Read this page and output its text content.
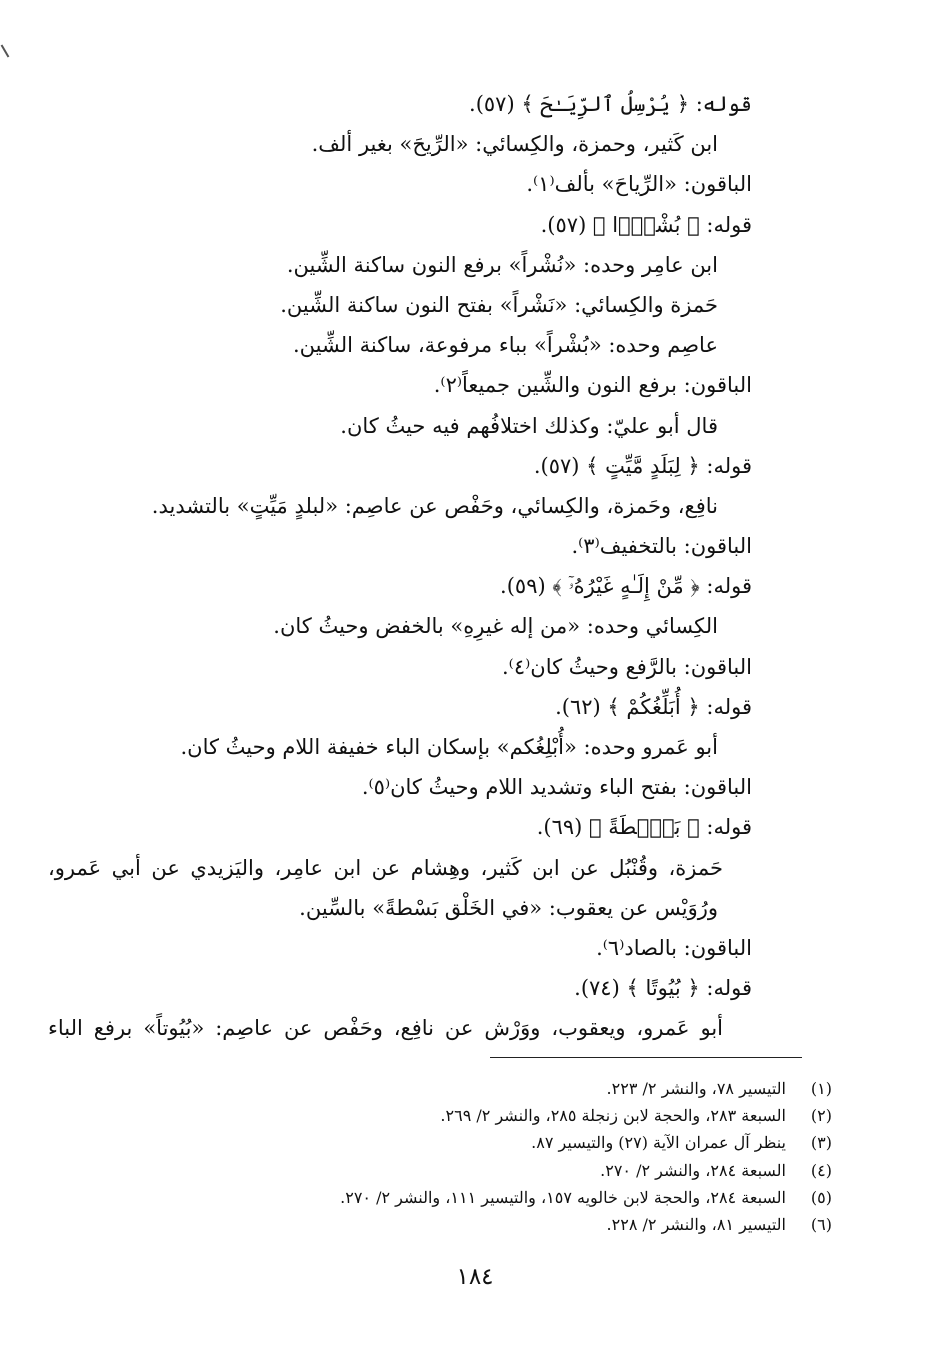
قوله: ﴿ يُرْسِلُ ٱلرِّيَـٰحَ ﴾ (٥٧).
ابن كَثير، وحمزة، والكِسائي: «الرِّيحَ» بغير ألف.
الباقون: «الرِّياحَ» بألف⁽١⁾.
قوله: ﴿ بُشْرًۢا ﴾ (٥٧).
ابن عامِر وحده: «نُشْراً» برفع النون ساكنة الشِّين.
حَمزة والكِسائي: «نَشْراً» بفتح النون ساكنة الشِّين.
عاصِم وحده: «بُشْراً» بباء مرفوعة، ساكنة الشِّين.
الباقون: برفع النون والشِّين جميعاً⁽٢⁾.
قال أبو عليّ: وكذلك اختلافُهم فيه حيثُ كان.
قوله: ﴿ لِبَلَدٍ مَّيِّتٍ ﴾ (٥٧).
نافِع، وحَمزة، والكِسائي، وحَفْص عن عاصِم: «لبلدٍ مَيِّتٍ» بالتشديد.
الباقون: بالتخفيف⁽٣⁾.
قوله: ﴿ مِّنْ إِلَـٰهٍ غَيْرُهُۥٓ ﴾ (٥٩).
الكِسائي وحده: «من إله غيرِهِ» بالخفض وحيثُ كان.
الباقون: بالرَّفع وحيثُ كان⁽٤⁾.
قوله: ﴿ أُبَلِّغُكُمْ ﴾ (٦٢).
أبو عَمرو وحده: «أُبْلِغُكم» بإسكان الباء خفيفة اللام وحيثُ كان.
الباقون: بفتح الباء وتشديد اللام وحيثُ كان⁽٥⁾.
قوله: ﴿ بَصْۜطَةً ﴾ (٦٩).
حَمزة، وقُنْبُل عن ابن كَثير، وهِشام عن ابن عامِر، واليَزيدي عن أبي عَمرو،
ورُوَيْس عن يعقوب: «في الخَلْق بَسْطةً» بالسِّين.
الباقون: بالصاد⁽٦⁾.
قوله: ﴿ بُيُوتًا ﴾ (٧٤).
أبو عَمرو، ويعقوب، ووَرْش عن نافِع، وحَفْص عن عاصِم: «بُيُوتاً» برفع الباء
(١)
التيسير ٧٨، والنشر ٢/ ٢٢٣.
(٢)
السبعة ٢٨٣، والحجة لابن زنجلة ٢٨٥، والنشر ٢/ ٢٦٩.
(٣)
ينظر آل عمران الآية (٢٧) والتيسير ٨٧.
(٤)
السبعة ٢٨٤، والنشر ٢/ ٢٧٠.
(٥)
السبعة ٢٨٤، والحجة لابن خالويه ١٥٧، والتيسير ١١١، والنشر ٢/ ٢٧٠.
(٦)
التيسير ٨١، والنشر ٢/ ٢٢٨.
١٨٤
